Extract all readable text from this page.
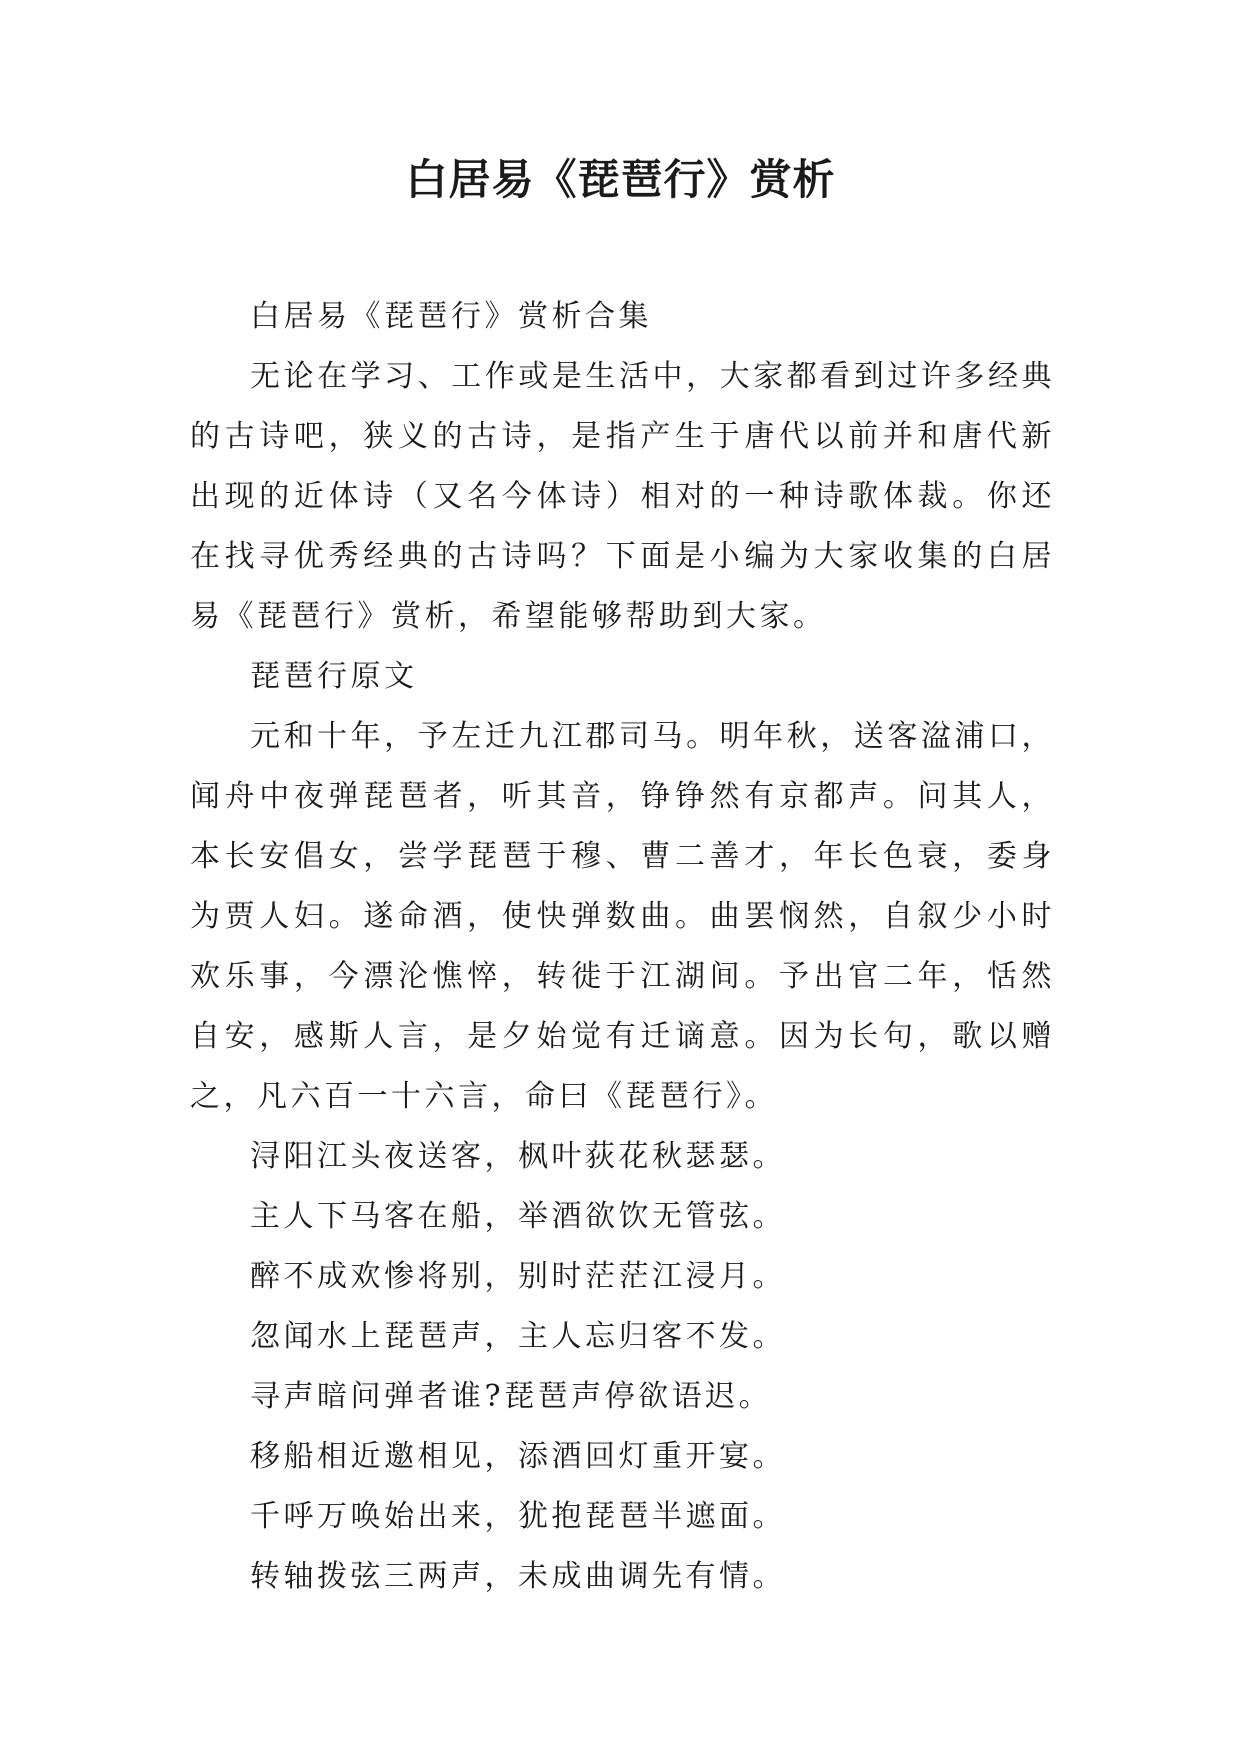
白居易《琵琶行》赏析

白居易《琵琶行》赏析合集

无论在学习、工作或是生活中，大家都看到过许多经典的古诗吧，狭义的古诗，是指产生于唐代以前并和唐代新出现的近体诗（又名今体诗）相对的一种诗歌体裁。你还在找寻优秀经典的古诗吗？下面是小编为大家收集的白居易《琵琶行》赏析，希望能够帮助到大家。

琵琶行原文

元和十年，予左迁九江郡司马。明年秋，送客湓浦口，闻舟中夜弹琵琶者，听其音，铮铮然有京都声。问其人，本长安倡女，尝学琵琶于穆、曹二善才，年长色衰，委身为贾人妇。遂命酒，使快弹数曲。曲罢悯然，自叙少小时欢乐事，今漂沦憔悴，转徙于江湖间。予出官二年，恬然自安，感斯人言，是夕始觉有迁谪意。因为长句，歌以赠之，凡六百一十六言，命曰《琵琶行》。

浔阳江头夜送客，枫叶荻花秋瑟瑟。

主人下马客在船，举酒欲饮无管弦。

醉不成欢惨将别，别时茫茫江浸月。

忽闻水上琵琶声，主人忘归客不发。

寻声暗问弹者谁?琵琶声停欲语迟。

移船相近邀相见，添酒回灯重开宴。

千呼万唤始出来，犹抱琵琶半遮面。

转轴拨弦三两声，未成曲调先有情。
